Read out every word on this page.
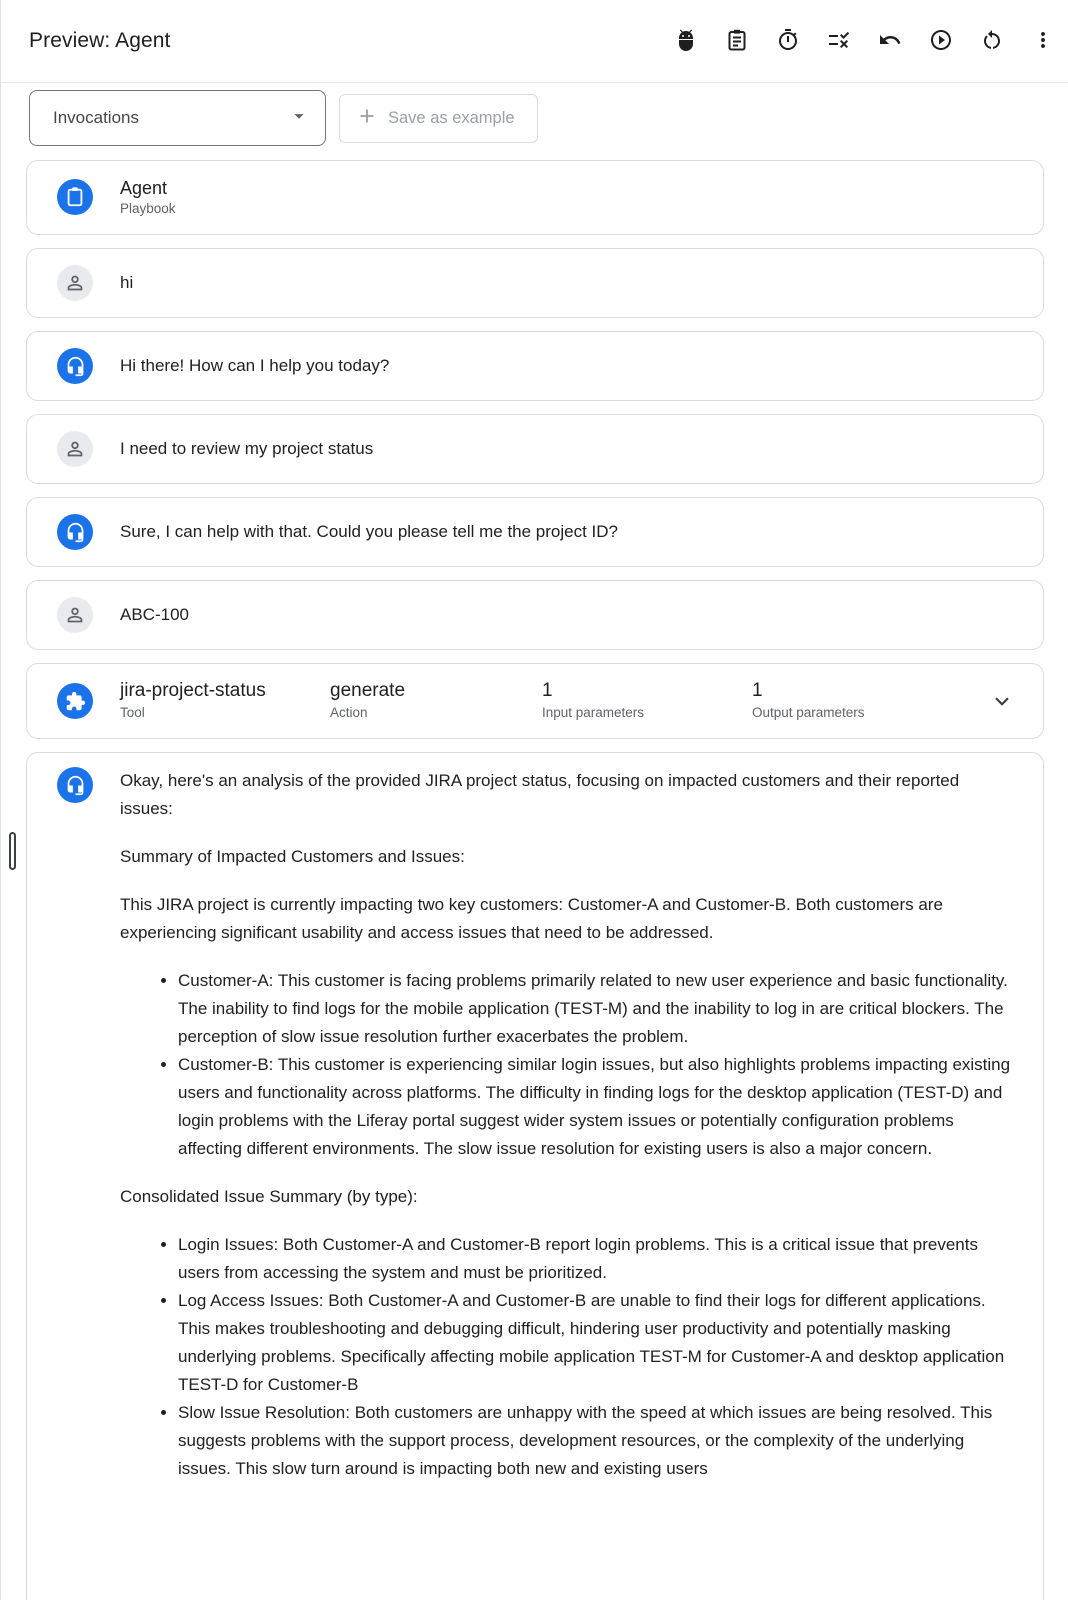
Preview: Agent
Invocations	Save as example
Agent
Playbook
hi
Hi there! How can I help you today?
I need to review my project status
Sure, I can help with that. Could you please tell me the project ID?
ABC-100
jira-project-status
Tool
generate
Action
1
Input parameters
1
Output parameters

Okay, here's an analysis of the provided JIRA project status, focusing on impacted customers and their reported issues:

Summary of Impacted Customers and Issues:

This JIRA project is currently impacting two key customers: Customer-A and Customer-B. Both customers are experiencing significant usability and access issues that need to be addressed.

• Customer-A: This customer is facing problems primarily related to new user experience and basic functionality. The inability to find logs for the mobile application (TEST-M) and the inability to log in are critical blockers. The perception of slow issue resolution further exacerbates the problem.
• Customer-B: This customer is experiencing similar login issues, but also highlights problems impacting existing users and functionality across platforms. The difficulty in finding logs for the desktop application (TEST-D) and login problems with the Liferay portal suggest wider system issues or potentially configuration problems affecting different environments. The slow issue resolution for existing users is also a major concern.

Consolidated Issue Summary (by type):

• Login Issues: Both Customer-A and Customer-B report login problems. This is a critical issue that prevents users from accessing the system and must be prioritized.
• Log Access Issues: Both Customer-A and Customer-B are unable to find their logs for different applications. This makes troubleshooting and debugging difficult, hindering user productivity and potentially masking underlying problems. Specifically affecting mobile application TEST-M for Customer-A and desktop application TEST-D for Customer-B
• Slow Issue Resolution: Both customers are unhappy with the speed at which issues are being resolved. This suggests problems with the support process, development resources, or the complexity of the underlying issues. This slow turn around is impacting both new and existing users
